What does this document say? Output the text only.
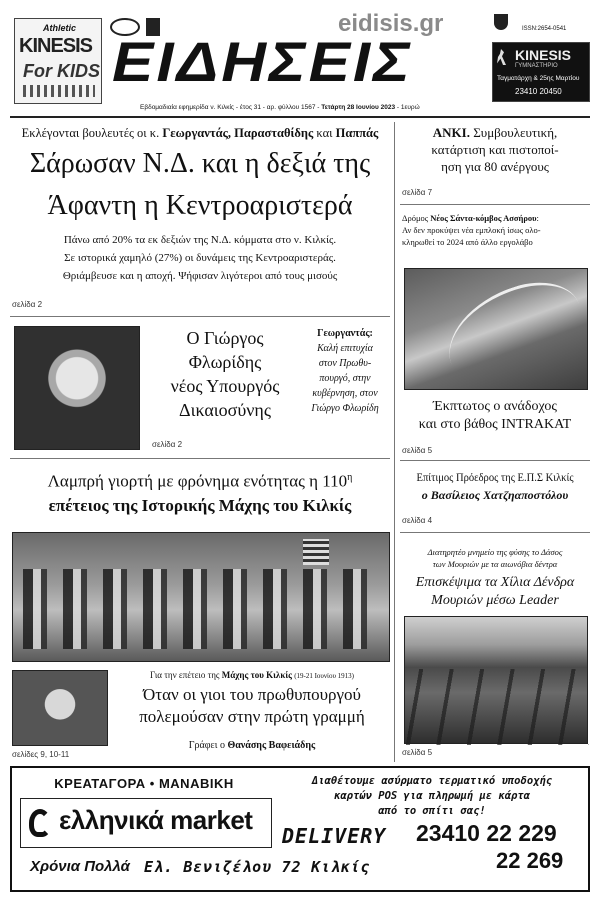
Athletic
KINESIS
For KIDS
eidisis.gr	ISSN:2654-0541
ΕΙΔΗΣΕΙΣ	KINESIS
ΓΥΜΝΑΣΤΗΡΙΟ
Ταγματάρχη & 25ης Μαρτίου
23410 20450
Εβδομαδιαία εφημερίδα ν. Κιλκίς - έτος 31 - αρ. φύλλου 1567 - Τετάρτη 28 Ιουνίου 2023 - 1ευρώ
Εκλέγονται βουλευτές οι κ. Γεωργαντάς, Παρασταθίδης και Παππάς
Σάρωσαν Ν.Δ. και η δεξιά της
Άφαντη η Κεντροαριστερά
Πάνω από 20% τα εκ δεξιών της Ν.Δ. κόμματα στο ν. Κιλκίς.
Σε ιστορικά χαμηλό (27%) οι δυνάμεις της Κεντροαριστεράς.
Θριάμβευσε και η αποχή. Ψήφισαν λιγότεροι από τους μισούς
σελίδα 2
Ο Γιώργος
Φλωρίδης
νέος Υπουργός
Δικαιοσύνης
Γεωργαντάς:
Καλή επιτυχία
στον Πρωθυ-
πουργό, στην
κυβέρνηση, στον
Γιώργο Φλωρίδη
σελίδα 2
Λαμπρή γιορτή με φρόνημα ενότητας η $110^\eta$
επέτειος της Ιστορικής Μάχης του Κιλκίς
Για την επέτειο της Μάχης του Κιλκίς (19-21 Ιουνίου 1913)
Όταν οι γιοι του πρωθυπουργού
πολεμούσαν στην πρώτη γραμμή
Γράφει ο Θανάσης Βαφειάδης
σελίδες 9, 10-11
ΑΝΚΙ. Συμβουλευτική,
κατάρτιση και πιστοποί-
ηση για 80 ανέργους
σελίδα 7
Δρόμος Νέος Σάντα-κόμβος Ασσήρου:
Αν δεν προκύψει νέα εμπλοκή ίσως ολο-
κληρωθεί το 2024 από άλλο εργολάβο
Έκπτωτος ο ανάδοχος
και στο βάθος INTRAKAT
σελίδα 5
Επίτιμος Πρόεδρος της Ε.Π.Σ Κιλκίς
ο Βασίλειος Χατζηαποστόλου
σελίδα 4
Διατηρητέο μνημείο της φύσης το Δάσος
των Μουριών με τα αιωνόβια δέντρα
Επισκέψιμα τα Χίλια Δένδρα
Μουριών μέσω Leader
σελίδα 5
ΚΡΕΑΤΑΓΟΡΑ • ΜΑΝΑΒΙΚΗ
ελληνικά market
Χρόνια Πολλά Ελ. Βενιζέλου 72 Κιλκίς
Διαθέτουμε ασύρματο τερματικό υποδοχής
καρτών POS για πληρωμή με κάρτα
από το σπίτι σας!
DELIVERY 23410 22 229
22 269
